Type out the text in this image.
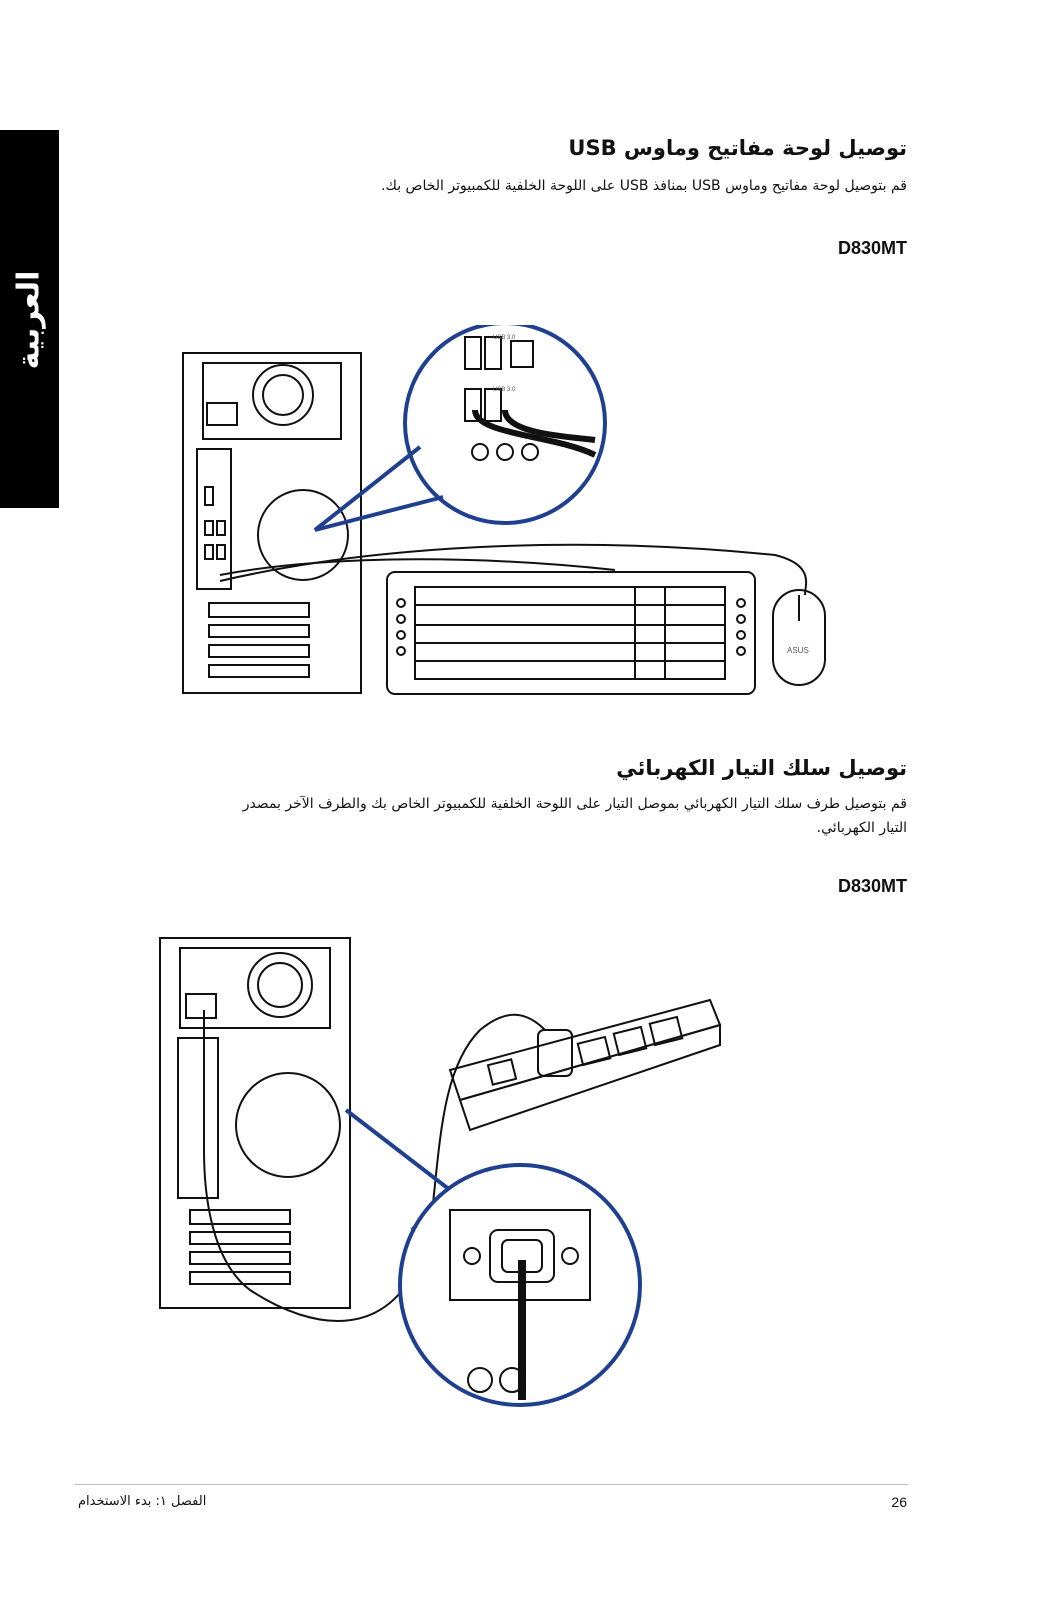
العربية
توصيل لوحة مفاتيح وماوس USB
قم بتوصيل لوحة مفاتيح وماوس USB بمنافذ USB على اللوحة الخلفية للكمبيوتر الخاص بك.
D830MT
USB 3.0
USB 3.0
ASUS
توصيل سلك التيار الكهربائي
قم بتوصيل طرف سلك التيار الكهربائي بموصل التيار على اللوحة الخلفية للكمبيوتر الخاص بك والطرف الآخر بمصدر
التيار الكهربائي.
D830MT
26
الفصل ١: بدء الاستخدام
